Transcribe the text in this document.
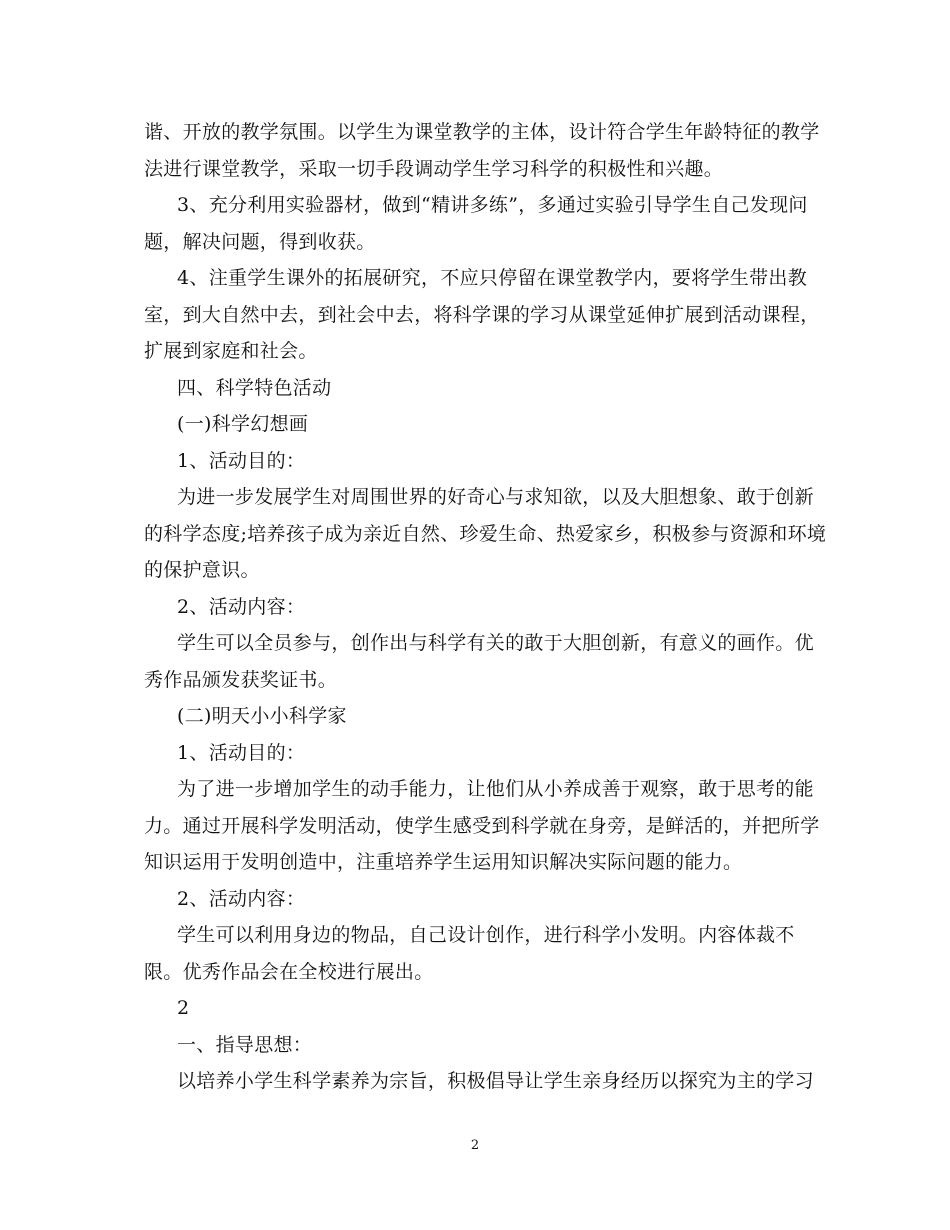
谐、开放的教学氛围。以学生为课堂教学的主体，设计符合学生年龄特征的教学

法进行课堂教学，采取一切手段调动学生学习科学的积极性和兴趣。

3、充分利用实验器材，做到“精讲多练”，多通过实验引导学生自己发现问

题，解决问题，得到收获。

4、注重学生课外的拓展研究，不应只停留在课堂教学内，要将学生带出教

室，到大自然中去，到社会中去，将科学课的学习从课堂延伸扩展到活动课程，

扩展到家庭和社会。

四、科学特色活动

(一)科学幻想画

1、活动目的：

为进一步发展学生对周围世界的好奇心与求知欲，以及大胆想象、敢于创新

的科学态度;培养孩子成为亲近自然、珍爱生命、热爱家乡，积极参与资源和环境

的保护意识。

2、活动内容：

学生可以全员参与，创作出与科学有关的敢于大胆创新，有意义的画作。优

秀作品颁发获奖证书。

(二)明天小小科学家

1、活动目的：

为了进一步增加学生的动手能力，让他们从小养成善于观察，敢于思考的能

力。通过开展科学发明活动，使学生感受到科学就在身旁，是鲜活的，并把所学

知识运用于发明创造中，注重培养学生运用知识解决实际问题的能力。

2、活动内容：

学生可以利用身边的物品，自己设计创作，进行科学小发明。内容体裁不

限。优秀作品会在全校进行展出。

2

一、指导思想：

以培养小学生科学素养为宗旨，积极倡导让学生亲身经历以探究为主的学习

2
